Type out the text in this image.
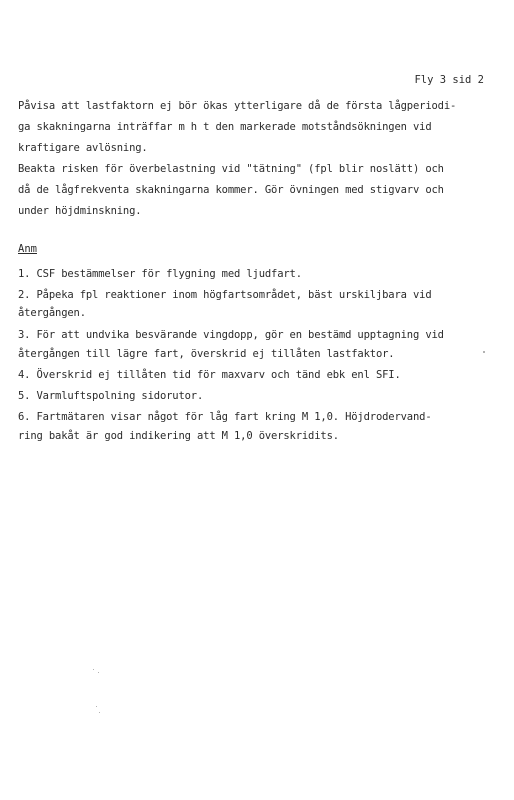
Fly 3 sid 2
Påvisa att lastfaktorn ej bör ökas ytterligare då de första lågperiodi-
ga skakningarna inträffar m h t den markerade motståndsökningen vid
kraftigare avlösning.
Beakta risken för överbelastning vid "tätning" (fpl blir noslätt) och
då de lågfrekventa skakningarna kommer. Gör övningen med stigvarv och
under höjdminskning.
Anm
1. CSF bestämmelser för flygning med ljudfart.
2. Påpeka fpl reaktioner inom högfartsområdet, bäst urskiljbara vid
återgången.
3. För att undvika besvärande vingdopp, gör en bestämd upptagning vid
återgången till lägre fart, överskrid ej tillåten lastfaktor.
4. Överskrid ej tillåten tid för maxvarv och tänd ebk enl SFI.
5. Varmluftspolning sidorutor.
6. Fartmätaren visar något för låg fart kring M 1,0. Höjdrodervand-
ring bakåt är god indikering att M 1,0 överskridits.
